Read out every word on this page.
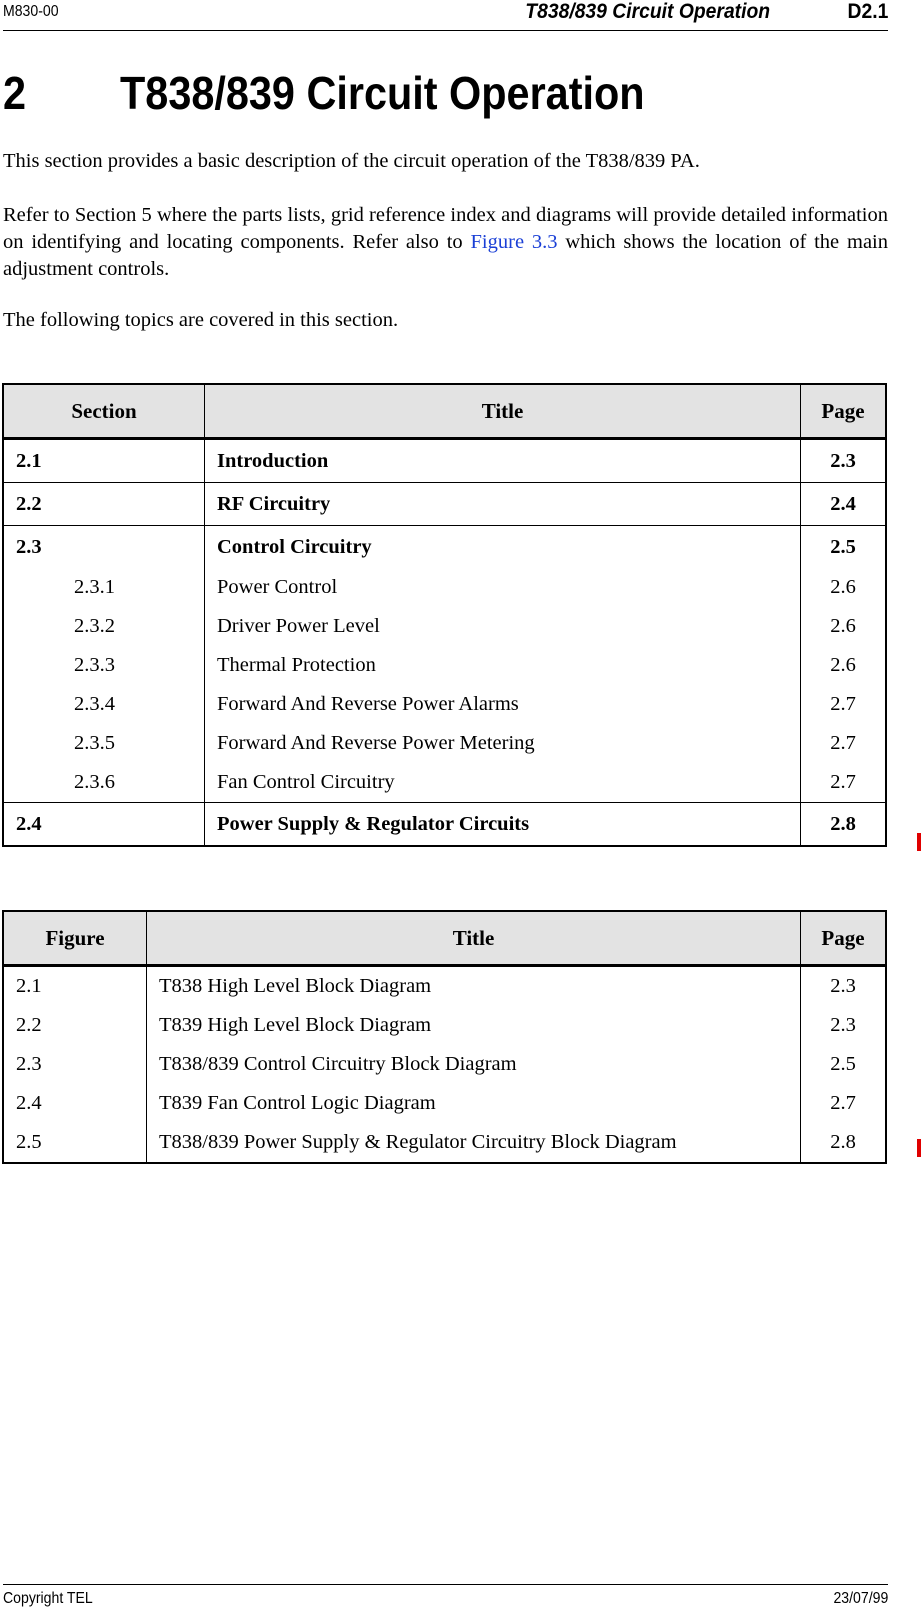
M830-00	T838/839 Circuit Operation	D2.1
2 T838/839 Circuit Operation

This section provides a basic description of the circuit operation of the T838/839 PA.

Refer to Section 5 where the parts lists, grid reference index and diagrams will provide detailed information on identifying and locating components. Refer also to Figure 3.3 which shows the location of the main adjustment controls.

The following topics are covered in this section.

Section	Title	Page
2.1	Introduction	2.3
2.2	RF Circuitry	2.4
2.3	Control Circuitry	2.5
2.3.1	Power Control	2.6
2.3.2	Driver Power Level	2.6
2.3.3	Thermal Protection	2.6
2.3.4	Forward And Reverse Power Alarms	2.7
2.3.5	Forward And Reverse Power Metering	2.7
2.3.6	Fan Control Circuitry	2.7
2.4	Power Supply & Regulator Circuits	2.8
Figure	Title	Page
2.1	T838 High Level Block Diagram	2.3
2.2	T839 High Level Block Diagram	2.3
2.3	T838/839 Control Circuitry Block Diagram	2.5
2.4	T839 Fan Control Logic Diagram	2.7
2.5	T838/839 Power Supply & Regulator Circuitry Block Diagram	2.8
Copyright TEL	23/07/99
